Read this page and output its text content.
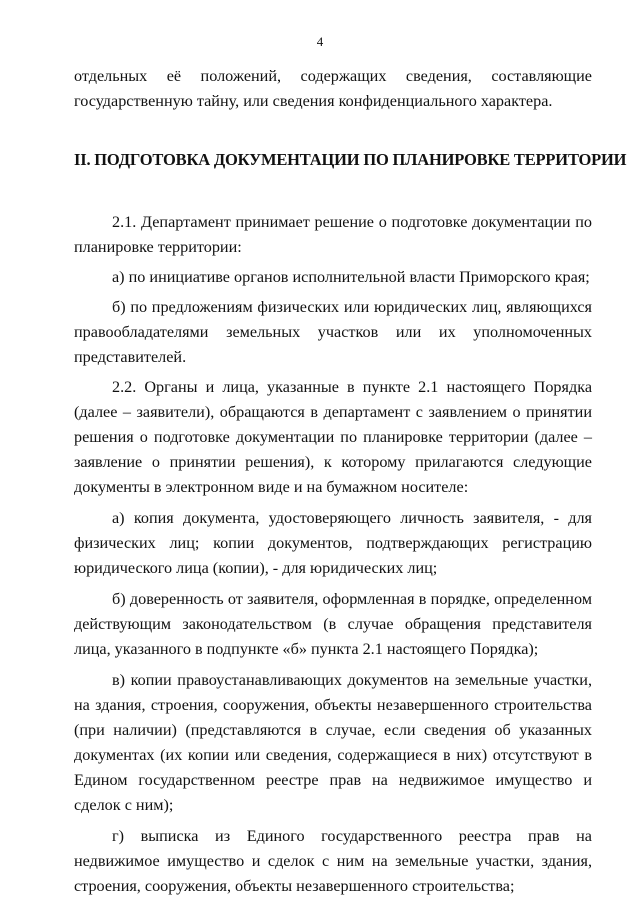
4

отдельных её положений, содержащих сведения, составляющие государственную тайну, или сведения конфиденциального характера.

II. ПОДГОТОВКА ДОКУМЕНТАЦИИ ПО ПЛАНИРОВКЕ ТЕРРИТОРИИ

2.1. Департамент принимает решение о подготовке документации по планировке территории:

а) по инициативе органов исполнительной власти Приморского края;

б) по предложениям физических или юридических лиц, являющихся правообладателями земельных участков или их уполномоченных представителей.

2.2. Органы и лица, указанные в пункте 2.1 настоящего Порядка (далее – заявители), обращаются в департамент с заявлением о принятии решения о подготовке документации по планировке территории (далее – заявление о принятии решения), к которому прилагаются следующие документы в электронном виде и на бумажном носителе:

а) копия документа, удостоверяющего личность заявителя, - для физических лиц; копии документов, подтверждающих регистрацию юридического лица (копии), - для юридических лиц;

б) доверенность от заявителя, оформленная в порядке, определенном действующим законодательством (в случае обращения представителя лица, указанного в подпункте «б» пункта 2.1 настоящего Порядка);

в) копии правоустанавливающих документов на земельные участки, на здания, строения, сооружения, объекты незавершенного строительства (при наличии) (представляются в случае, если сведения об указанных документах (их копии или сведения, содержащиеся в них) отсутствуют в Едином государственном реестре прав на недвижимое имущество и сделок с ним);

г) выписка из Единого государственного реестра прав на недвижимое имущество и сделок с ним на земельные участки, здания, строения, сооружения, объекты незавершенного строительства;
